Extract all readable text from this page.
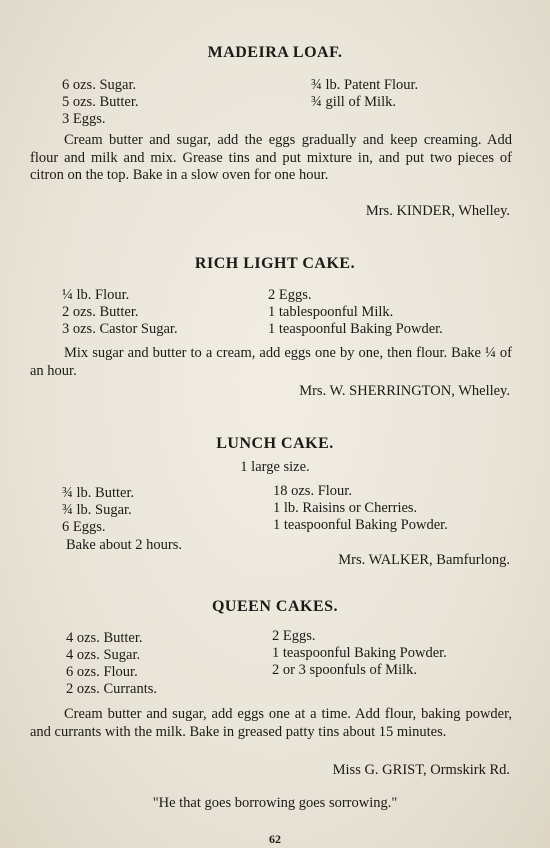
MADEIRA LOAF.
6 ozs. Sugar.
5 ozs. Butter.
3 Eggs.
¾ lb. Patent Flour.
¾ gill of Milk.
Cream butter and sugar, add the eggs gradually and keep creaming. Add flour and milk and mix. Grease tins and put mixture in, and put two pieces of citron on the top. Bake in a slow oven for one hour.
Mrs. KINDER, Whelley.
RICH LIGHT CAKE.
¼ lb. Flour.
2 ozs. Butter.
3 ozs. Castor Sugar.
2 Eggs.
1 tablespoonful Milk.
1 teaspoonful Baking Powder.
Mix sugar and butter to a cream, add eggs one by one, then flour. Bake ¼ of an hour.
Mrs. W. SHERRINGTON, Whelley.
LUNCH CAKE.
1 large size.
¾ lb. Butter.
¾ lb. Sugar.
6 Eggs.
18 ozs. Flour.
1 lb. Raisins or Cherries.
1 teaspoonful Baking Powder.
Bake about 2 hours.
Mrs. WALKER, Bamfurlong.
QUEEN CAKES.
4 ozs. Butter.
4 ozs. Sugar.
6 ozs. Flour.
2 ozs. Currants.
2 Eggs.
1 teaspoonful Baking Powder.
2 or 3 spoonfuls of Milk.
Cream butter and sugar, add eggs one at a time. Add flour, baking powder, and currants with the milk. Bake in greased patty tins about 15 minutes.
Miss G. GRIST, Ormskirk Rd.
"He that goes borrowing goes sorrowing."
62
